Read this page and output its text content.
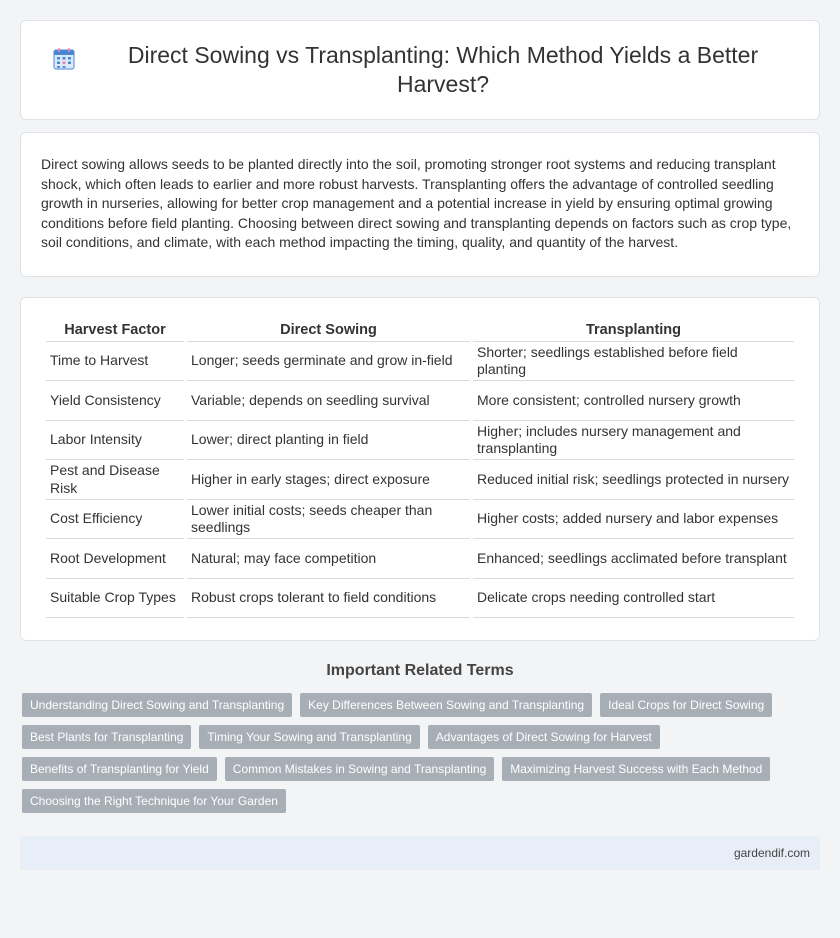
Direct Sowing vs Transplanting: Which Method Yields a Better Harvest?

Direct sowing allows seeds to be planted directly into the soil, promoting stronger root systems and reducing transplant shock, which often leads to earlier and more robust harvests. Transplanting offers the advantage of controlled seedling growth in nurseries, allowing for better crop management and a potential increase in yield by ensuring optimal growing conditions before field planting. Choosing between direct sowing and transplanting depends on factors such as crop type, soil conditions, and climate, with each method impacting the timing, quality, and quantity of the harvest.

Harvest Factor	Direct Sowing	Transplanting
Time to Harvest	Longer; seeds germinate and grow in-field	Shorter; seedlings established before field planting
Yield Consistency	Variable; depends on seedling survival	More consistent; controlled nursery growth
Labor Intensity	Lower; direct planting in field	Higher; includes nursery management and transplanting
Pest and Disease Risk	Higher in early stages; direct exposure	Reduced initial risk; seedlings protected in nursery
Cost Efficiency	Lower initial costs; seeds cheaper than seedlings	Higher costs; added nursery and labor expenses
Root Development	Natural; may face competition	Enhanced; seedlings acclimated before transplant
Suitable Crop Types	Robust crops tolerant to field conditions	Delicate crops needing controlled start
Important Related Terms
Understanding Direct Sowing and Transplanting	Key Differences Between Sowing and Transplanting	Ideal Crops for Direct Sowing
Best Plants for Transplanting	Timing Your Sowing and Transplanting	Advantages of Direct Sowing for Harvest
Benefits of Transplanting for Yield	Common Mistakes in Sowing and Transplanting	Maximizing Harvest Success with Each Method
Choosing the Right Technique for Your Garden
gardendif.com
